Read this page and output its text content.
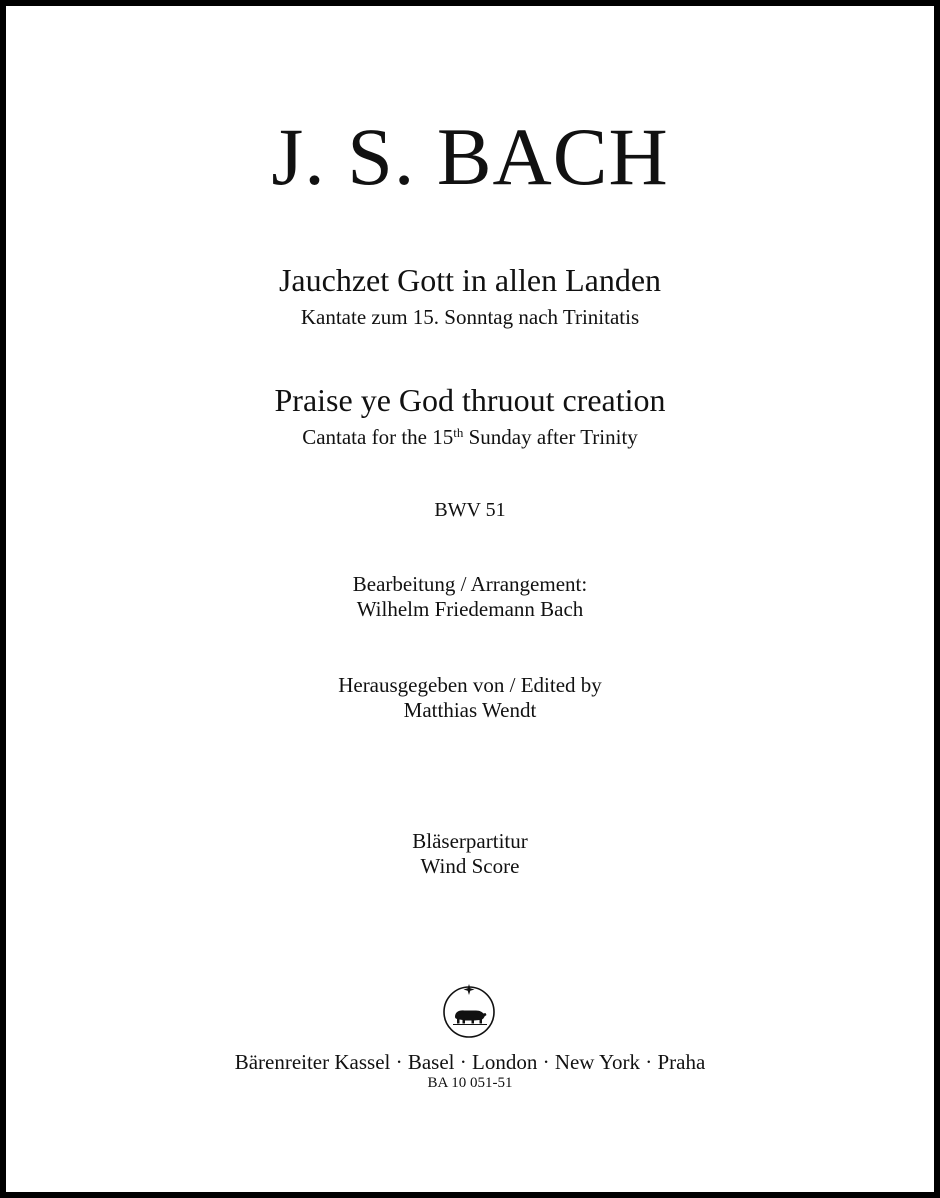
J. S. BACH

Jauchzet Gott in allen Landen

Kantate zum 15. Sonntag nach Trinitatis

Praise ye God thruout creation

Cantata for the 15th Sunday after Trinity

BWV 51

Bearbeitung / Arrangement:

Wilhelm Friedemann Bach

Herausgegeben von / Edited by

Matthias Wendt

Bläserpartitur

Wind Score

Bärenreiter Kassel · Basel · London · New York · Praha

BA 10 051-51
